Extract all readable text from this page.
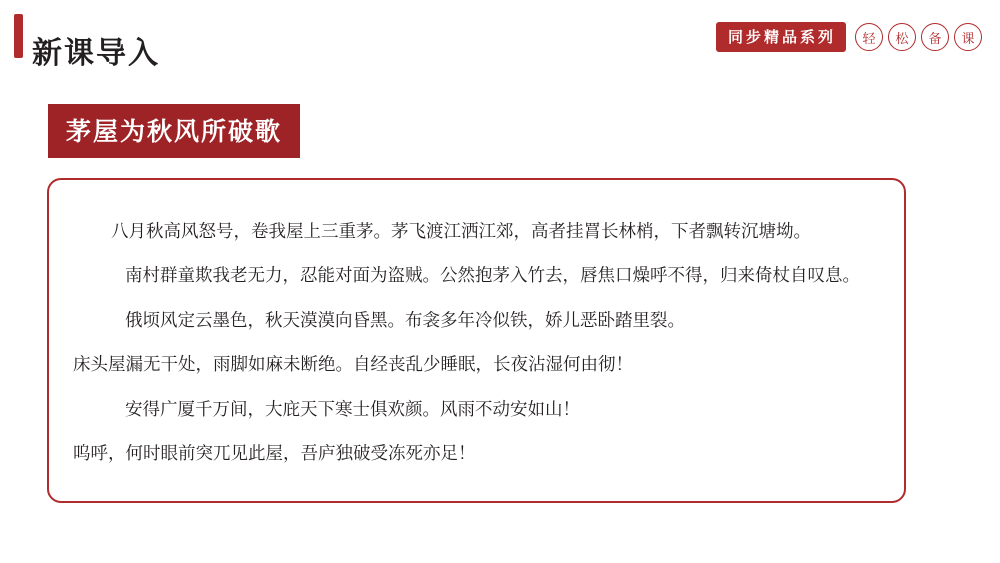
新课导入	同步精品系列	轻	松	备	课
茅屋为秋风所破歌
八月秋高风怒号，卷我屋上三重茅。茅飞渡江洒江郊，高者挂罥长林梢，下者飘转沉塘坳。
南村群童欺我老无力，忍能对面为盗贼。公然抱茅入竹去，唇焦口燥呼不得，归来倚杖自叹息。
俄顷风定云墨色，秋天漠漠向昏黑。布衾多年冷似铁，娇儿恶卧踏里裂。
床头屋漏无干处，雨脚如麻未断绝。自经丧乱少睡眠，长夜沾湿何由彻！
安得广厦千万间，大庇天下寒士俱欢颜。风雨不动安如山！
呜呼，何时眼前突兀见此屋，吾庐独破受冻死亦足！
